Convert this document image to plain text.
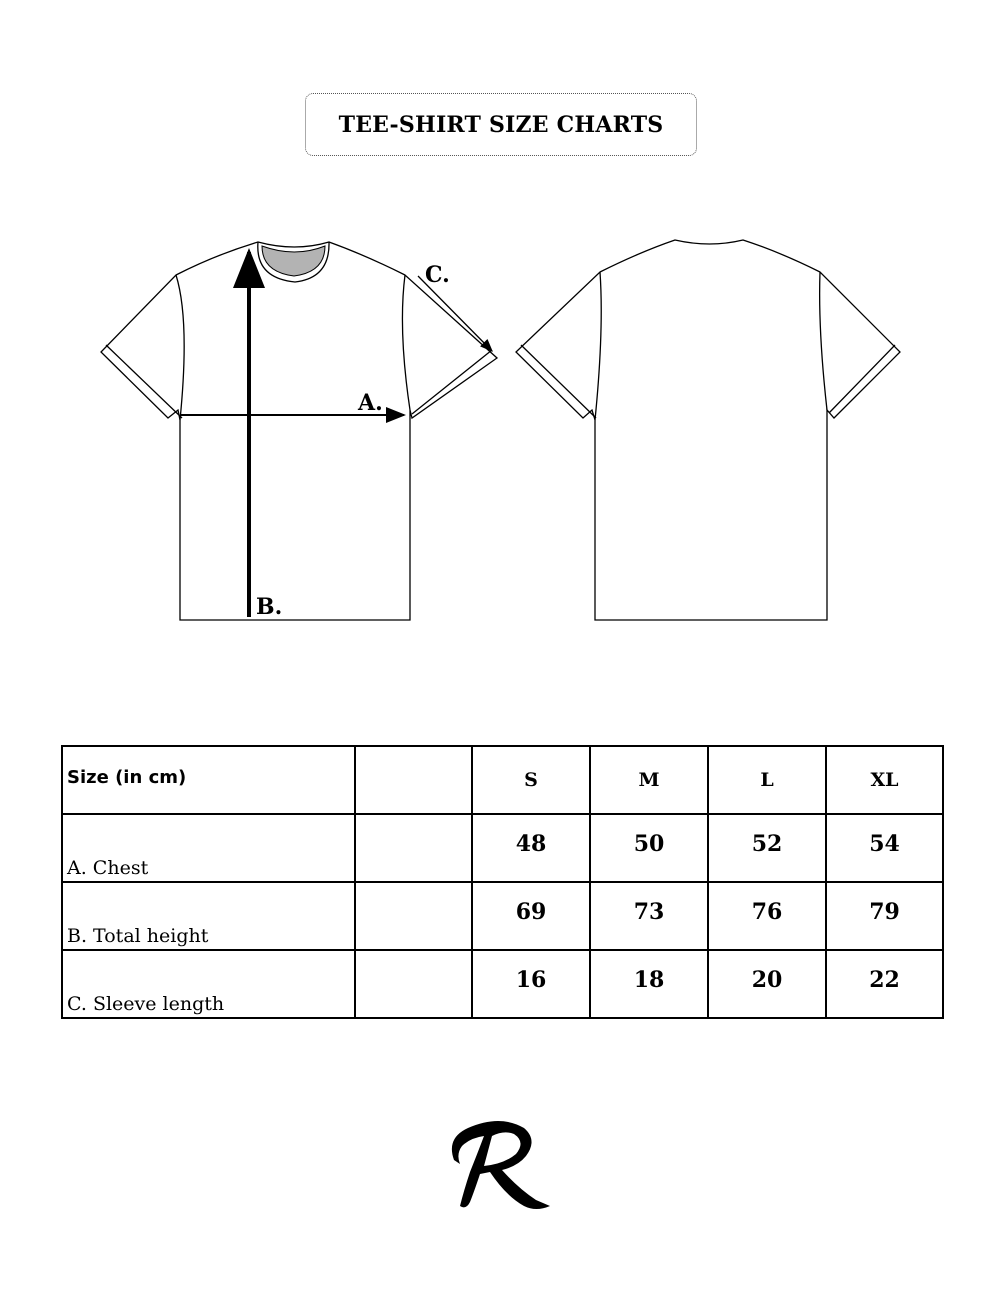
TEE-SHIRT SIZE CHARTS
A.
B.
C.
Size (in cm)		S	M	L	XL
A. Chest		48	50	52	54
B. Total height		69	73	76	79
C. Sleeve length		16	18	20	22
